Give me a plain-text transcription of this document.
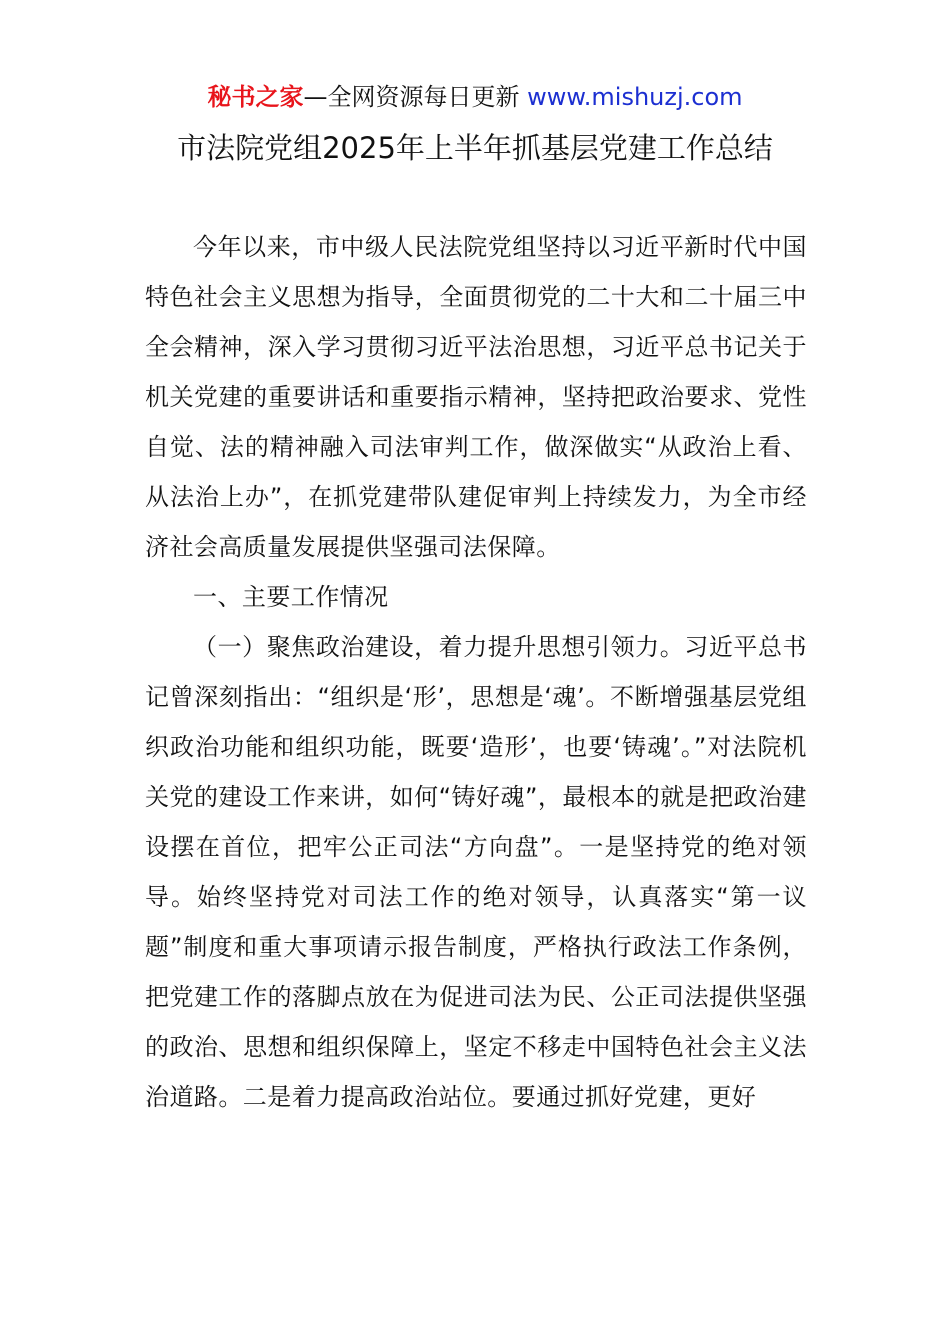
秘书之家—全网资源每日更新 www.mishuzj.com
市法院党组2025年上半年抓基层党建工作总结

今年以来，市中级人民法院党组坚持以习近平新时代中国特色社会主义思想为指导，全面贯彻党的二十大和二十届三中全会精神，深入学习贯彻习近平法治思想，习近平总书记关于机关党建的重要讲话和重要指示精神，坚持把政治要求、党性自觉、法的精神融入司法审判工作，做深做实“从政治上看、从法治上办”，在抓党建带队建促审判上持续发力，为全市经济社会高质量发展提供坚强司法保障。

一、主要工作情况

（一）聚焦政治建设，着力提升思想引领力。习近平总书记曾深刻指出：“组织是‘形’，思想是‘魂’。不断增强基层党组织政治功能和组织功能，既要‘造形’，也要‘铸魂’。”对法院机关党的建设工作来讲，如何“铸好魂”，最根本的就是把政治建设摆在首位，把牢公正司法“方向盘”。一是坚持党的绝对领导。始终坚持党对司法工作的绝对领导，认真落实“第一议题”制度和重大事项请示报告制度，严格执行政法工作条例，把党建工作的落脚点放在为促进司法为民、公正司法提供坚强的政治、思想和组织保障上，坚定不移走中国特色社会主义法治道路。二是着力提高政治站位。要通过抓好党建，更好
